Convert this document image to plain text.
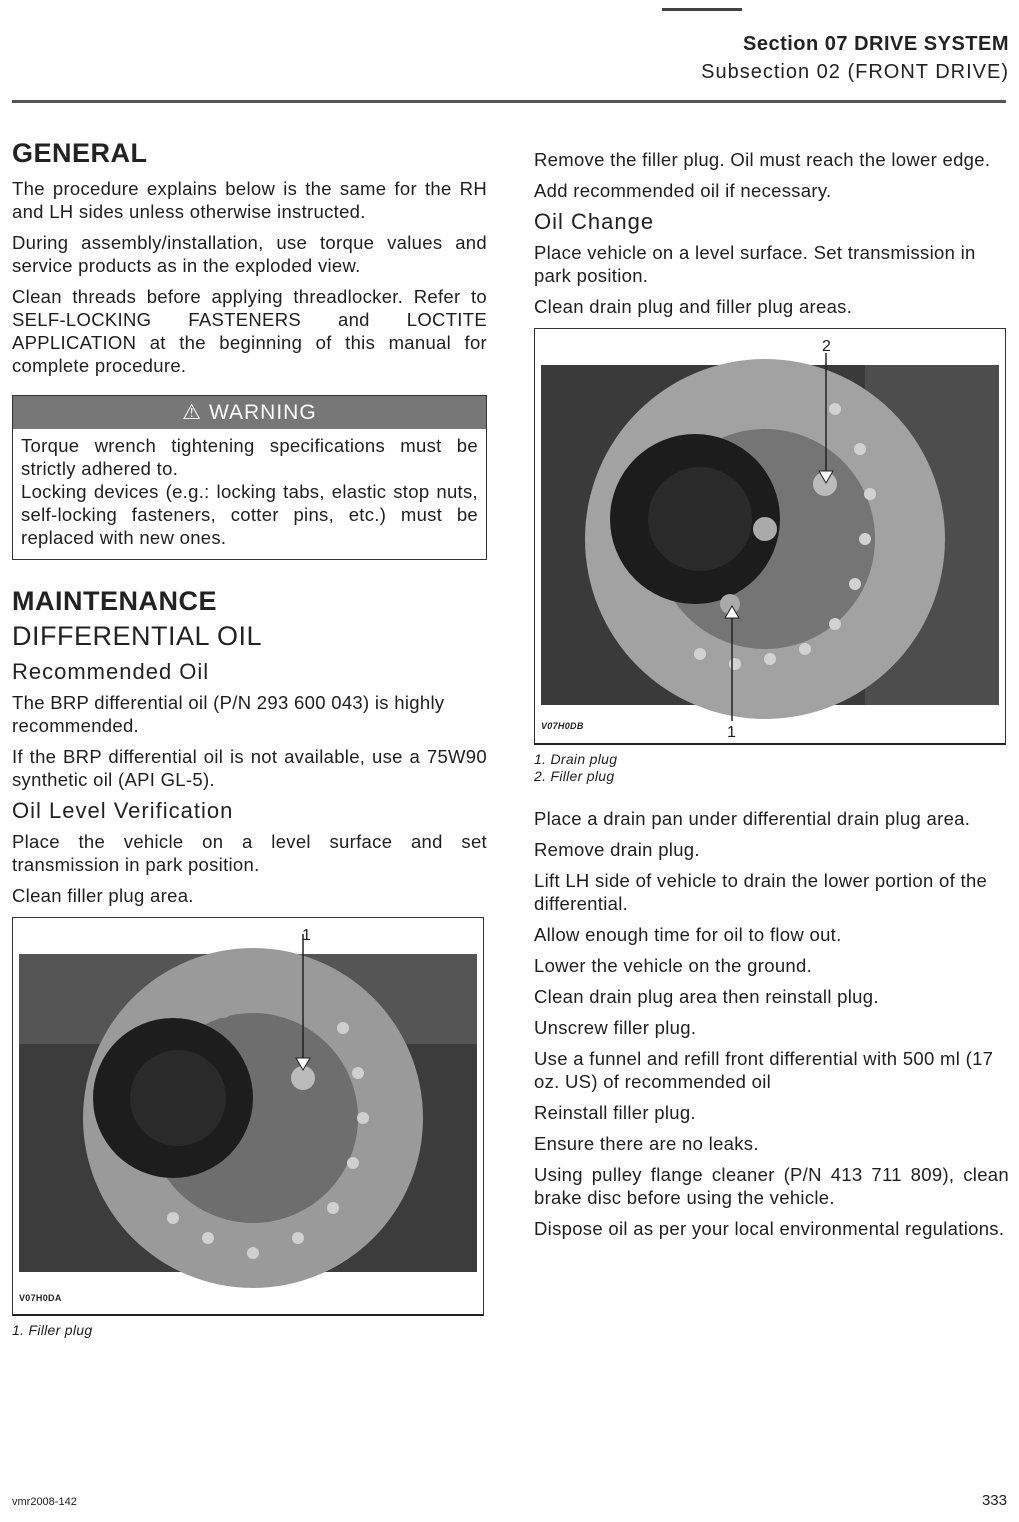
Section 07 DRIVE SYSTEM
Subsection 02 (FRONT DRIVE)
GENERAL

The procedure explains below is the same for the RH and LH sides unless otherwise instructed.

During assembly/installation, use torque values and service products as in the exploded view.

Clean threads before applying threadlocker. Refer to SELF-LOCKING FASTENERS and LOCTITE APPLICATION at the beginning of this manual for complete procedure.

⚠ WARNING

Torque wrench tightening specifications must be strictly adhered to.

Locking devices (e.g.: locking tabs, elastic stop nuts, self-locking fasteners, cotter pins, etc.) must be replaced with new ones.

MAINTENANCE
DIFFERENTIAL OIL
Recommended Oil

The BRP differential oil (P/N 293 600 043) is highly recommended.

If the BRP differential oil is not available, use a 75W90 synthetic oil (API GL-5).

Oil Level Verification

Place the vehicle on a level surface and set transmission in park position.

Clean filler plug area.

1
V07H0DA
1. Filler plug

Remove the filler plug. Oil must reach the lower edge.

Add recommended oil if necessary.

Oil Change

Place vehicle on a level surface. Set transmission in park position.

Clean drain plug and filler plug areas.

2
1
V07H0DB
1. Drain plug
2. Filler plug

Place a drain pan under differential drain plug area.

Remove drain plug.

Lift LH side of vehicle to drain the lower portion of the differential.

Allow enough time for oil to flow out.

Lower the vehicle on the ground.

Clean drain plug area then reinstall plug.

Unscrew filler plug.

Use a funnel and refill front differential with 500 ml (17 oz. US) of recommended oil

Reinstall filler plug.

Ensure there are no leaks.

Using pulley flange cleaner (P/N 413 711 809), clean brake disc before using the vehicle.

Dispose oil as per your local environmental regulations.

vmr2008-142	333
